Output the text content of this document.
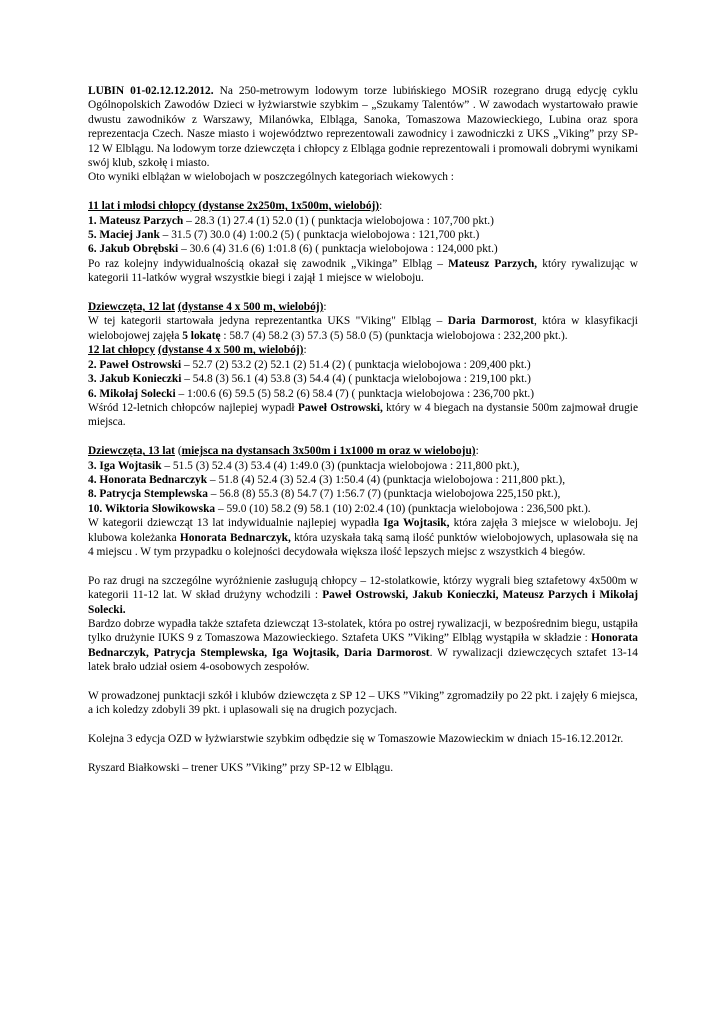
LUBIN 01-02.12.12.2012. Na 250-metrowym lodowym torze lubińskiego MOSiR rozegrano drugą edycję cyklu Ogólnopolskich Zawodów Dzieci w łyżwiarstwie szybkim – „Szukamy Talentów” . W zawodach wystartowało prawie dwustu zawodników z Warszawy, Milanówka, Elbląga, Sanoka, Tomaszowa Mazowieckiego, Lubina oraz spora reprezentacja Czech. Nasze miasto i województwo reprezentowali zawodnicy i zawodniczki z UKS „Viking” przy SP-12 W Elblągu. Na lodowym torze dziewczęta i chłopcy z Elbląga godnie reprezentowali i promowali dobrymi wynikami swój klub, szkołę i miasto.

Oto wyniki elblążan w wielobojach w poszczególnych kategoriach wiekowych :

11 lat i młodsi chłopcy (dystanse 2x250m, 1x500m, wielobój):

1. Mateusz Parzych – 28.3 (1) 27.4 (1) 52.0 (1) ( punktacja wielobojowa : 107,700 pkt.)

5. Maciej Jank – 31.5 (7) 30.0 (4) 1:00.2 (5) ( punktacja wielobojowa : 121,700 pkt.)

6. Jakub Obrębski – 30.6 (4) 31.6 (6) 1:01.8 (6) ( punktacja wielobojowa : 124,000 pkt.)

Po raz kolejny indywidualnością okazał się zawodnik „Vikinga” Elbląg – Mateusz Parzych, który rywalizując w kategorii 11-latków wygrał wszystkie biegi i zajął 1 miejsce w wieloboju.

Dziewczęta, 12 lat (dystanse 4 x 500 m, wielobój):

W tej kategorii startowała jedyna reprezentantka UKS "Viking" Elbląg – Daria Darmorost, która w klasyfikacji wielobojowej zajęła 5 lokatę : 58.7 (4) 58.2 (3) 57.3 (5) 58.0 (5) (punktacja wielobojowa : 232,200 pkt.).

12 lat chłopcy (dystanse 4 x 500 m, wielobój):

2. Paweł Ostrowski – 52.7 (2) 53.2 (2) 52.1 (2) 51.4 (2) ( punktacja wielobojowa : 209,400 pkt.)

3. Jakub Konieczki – 54.8 (3) 56.1 (4) 53.8 (3) 54.4 (4) ( punktacja wielobojowa : 219,100 pkt.)

6. Mikołaj Solecki – 1:00.6 (6) 59.5 (5) 58.2 (6) 58.4 (7) ( punktacja wielobojowa : 236,700 pkt.)

Wśród 12-letnich chłopców najlepiej wypadł Paweł Ostrowski, który w 4 biegach na dystansie 500m zajmował drugie miejsca.

Dziewczęta, 13 lat (miejsca na dystansach 3x500m i 1x1000 m oraz w wieloboju):

3. Iga Wojtasik – 51.5 (3) 52.4 (3) 53.4 (4) 1:49.0 (3) (punktacja wielobojowa : 211,800 pkt.),

4. Honorata Bednarczyk – 51.8 (4) 52.4 (3) 52.4 (3) 1:50.4 (4) (punktacja wielobojowa : 211,800 pkt.),

8. Patrycja Stemplewska – 56.8 (8) 55.3 (8) 54.7 (7) 1:56.7 (7) (punktacja wielobojowa 225,150 pkt.),

10. Wiktoria Słowikowska – 59.0 (10) 58.2 (9) 58.1 (10) 2:02.4 (10) (punktacja wielobojowa : 236,500 pkt.).

W kategorii dziewcząt 13 lat indywidualnie najlepiej wypadła Iga Wojtasik, która zajęła 3 miejsce w wieloboju. Jej klubowa koleżanka Honorata Bednarczyk, która uzyskała taką samą ilość punktów wielobojowych, uplasowała się na 4 miejscu . W tym przypadku o kolejności decydowała większa ilość lepszych miejsc z wszystkich 4 biegów.

Po raz drugi na szczególne wyróżnienie zasługują chłopcy – 12-stolatkowie, którzy wygrali bieg sztafetowy 4x500m w kategorii 11-12 lat. W skład drużyny wchodzili : Paweł Ostrowski, Jakub Konieczki, Mateusz Parzych i Mikołaj Solecki.

Bardzo dobrze wypadła także sztafeta dziewcząt 13-stolatek, która po ostrej rywalizacji, w bezpośrednim biegu, ustąpiła tylko drużynie IUKS 9 z Tomaszowa Mazowieckiego. Sztafeta UKS ”Viking” Elbląg wystąpiła w składzie : Honorata Bednarczyk, Patrycja Stemplewska, Iga Wojtasik, Daria Darmorost. W rywalizacji dziewczęcych sztafet 13-14 latek brało udział osiem 4-osobowych zespołów.

W prowadzonej punktacji szkół i klubów dziewczęta z SP 12 – UKS ”Viking” zgromadziły po 22 pkt. i zajęły 6 miejsca, a ich koledzy zdobyli 39 pkt. i uplasowali się na drugich pozycjach.

Kolejna 3 edycja OZD w łyżwiarstwie szybkim odbędzie się w Tomaszowie Mazowieckim w dniach 15-16.12.2012r.

Ryszard Białkowski – trener UKS ”Viking” przy SP-12 w Elblągu.
